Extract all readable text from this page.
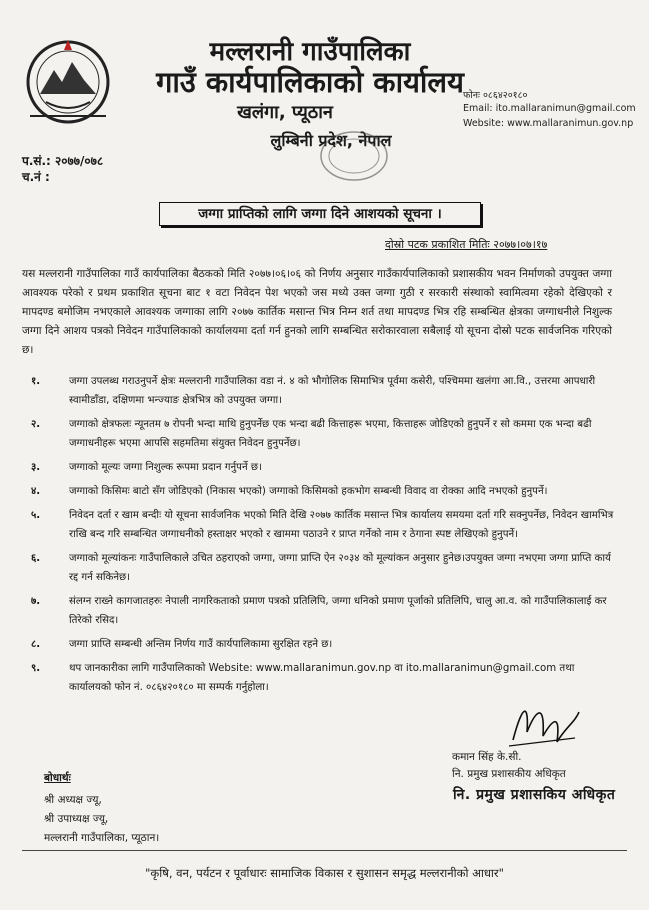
मल्लरानी गाउँपालिका
गाउँ कार्यपालिकाको कार्यालय
खलंगा, प्यूठान
लुम्बिनी प्रदेश, नेपाल
फोनः ०८६४२०१८०
Email: ito.mallaranimun@gmail.com
Website: www.mallaranimun.gov.np
प.सं.: २०७७/०७८
च.नं :
जग्गा प्राप्तिको लागि जग्गा दिने आशयको सूचना ।
दोस्रो पटक प्रकाशित मितिः २०७७।०७।१७
यस मल्लरानी गाउँपालिका गाउँ कार्यपालिका बैठकको मिति २०७७।०६।०६ को निर्णय अनुसार गाउँकार्यपालिकाको प्रशासकीय भवन निर्माणको उपयुक्त जग्गा आवश्यक परेको र प्रथम प्रकाशित सूचना बाट १ वटा निवेदन पेश भएको जस मध्ये उक्त जग्गा गुठी र सरकारी संस्थाको स्वामित्वमा रहेको देखिएको र मापदण्ड बमोजिम नभएकाले आवश्यक जग्गाका लागि २०७७ कार्तिक मसान्त भित्र निम्न शर्त तथा मापदण्ड भित्र रहि सम्बन्धित क्षेत्रका जग्गाधनीले निशुल्क जग्गा दिने आशय पत्रको निवेदन गाउँपालिकाको कार्यालयमा दर्ता गर्न हुनको लागि सम्बन्धित सरोकारवाला सबैलाई यो सूचना दोस्रो पटक सार्वजनिक गरिएको छ।
१.	जग्गा उपलब्ध गराउनुपर्ने क्षेत्रः मल्लरानी गाउँपालिका वडा नं. ४ को भौगोलिक सिमाभित्र पूर्वमा कसेरी, पश्चिममा खलंगा आ.वि., उत्तरमा आपधारी स्वामीडाँडा, दक्षिणमा भन्ज्याङ क्षेत्रभित्र को उपयुक्त जग्गा।
२.	जग्गाको क्षेत्रफलः न्यूनतम ७ रोपनी भन्दा माथि हुनुपर्नेछ एक भन्दा बढी कित्ताहरू भएमा, कित्ताहरू जोडिएको हुनुपर्ने र सो कममा एक भन्दा बढी जग्गाधनीहरू भएमा आपसि सहमतिमा संयुक्त निवेदन हुनुपर्नेछ।
३.	जग्गाको मूल्यः जग्गा निशुल्क रूपमा प्रदान गर्नुपर्ने छ।
४.	जग्गाको किसिमः बाटो सँग जोडिएको (निकास भएको) जग्गाको किसिमको हकभोग सम्बन्धी विवाद वा रोक्का आदि नभएको हुनुपर्ने।
५.	निवेदन दर्ता र खाम बन्दीः यो सूचना सार्वजनिक भएको मिति देखि २०७७ कार्तिक मसान्त भित्र कार्यालय समयमा दर्ता गरि सक्नुपर्नेछ, निवेदन खामभित्र राखि बन्द गरि सम्बन्धित जग्गाधनीको हस्ताक्षर भएको र खाममा पठाउने र प्राप्त गर्नेको नाम र ठेगाना स्पष्ट लेखिएको हुनुपर्ने।
६.	जग्गाको मूल्यांकनः गाउँपालिकाले उचित ठहराएको जग्गा, जग्गा प्राप्ति ऐन २०३४ को मूल्यांकन अनुसार हुनेछ।उपयुक्त जग्गा नभएमा जग्गा प्राप्ति कार्य रद्द गर्न सकिनेछ।
७.	संलग्न राख्ने कागजातहरुः नेपाली नागरिकताको प्रमाण पत्रको प्रतिलिपि, जग्गा धनिको प्रमाण पूर्जाको प्रतिलिपि, चालु आ.व. को गाउँपालिकालाई कर तिरेको रसिद।
८.	जग्गा प्राप्ति सम्बन्धी अन्तिम निर्णय गाउँ कार्यपालिकामा सुरक्षित रहने छ।
९.	थप जानकारीका लागि गाउँपालिकाको Website: www.mallaranimun.gov.np वा ito.mallaranimun@gmail.com तथा कार्यालयको फोन नं. ०८६४२०१८० मा सम्पर्क गर्नुहोला।
कमान सिंह के.सी.
नि. प्रमुख प्रशासकीय अधिकृत
नि. प्रमुख प्रशासकिय अधिकृत
बोधार्थः
श्री अध्यक्ष ज्यू,
श्री उपाध्यक्ष ज्यू,
मल्लरानी गाउँपालिका, प्यूठान।
"कृषि, वन, पर्यटन र पूर्वाधारः सामाजिक विकास र सुशासन समृद्ध मल्लरानीको आधार"
